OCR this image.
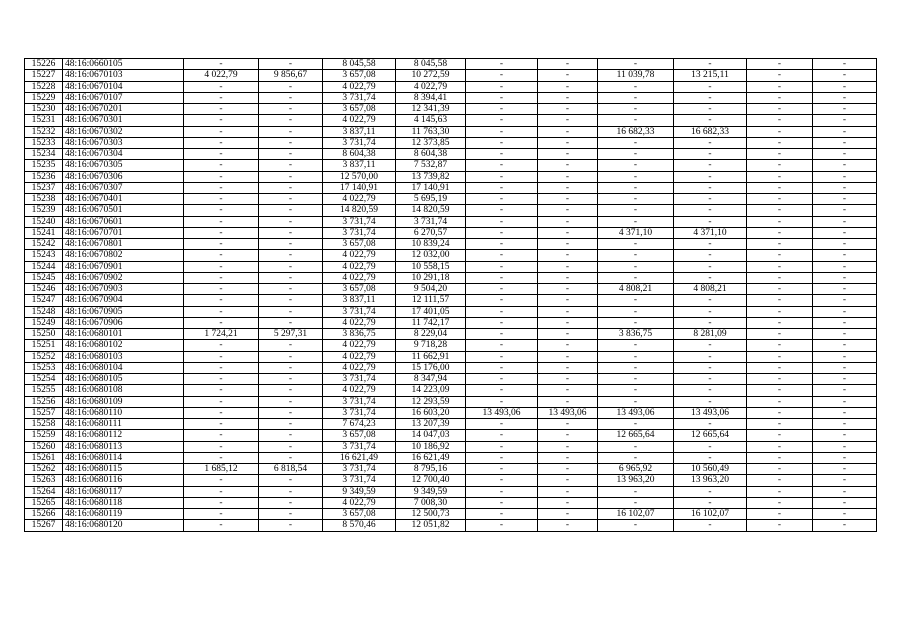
15226	48:16:0660105	-	-	8 045,58	8 045,58	-	-	-	-	-	-
15227	48:16:0670103	4 022,79	9 856,67	3 657,08	10 272,59	-	-	11 039,78	13 215,11	-	-
15228	48:16:0670104	-	-	4 022,79	4 022,79	-	-	-	-	-	-
15229	48:16:0670107	-	-	3 731,74	8 394,41	-	-	-	-	-	-
15230	48:16:0670201	-	-	3 657,08	12 341,39	-	-	-	-	-	-
15231	48:16:0670301	-	-	4 022,79	4 145,63	-	-	-	-	-	-
15232	48:16:0670302	-	-	3 837,11	11 763,30	-	-	16 682,33	16 682,33	-	-
15233	48:16:0670303	-	-	3 731,74	12 373,85	-	-	-	-	-	-
15234	48:16:0670304	-	-	8 604,38	8 604,38	-	-	-	-	-	-
15235	48:16:0670305	-	-	3 837,11	7 532,87	-	-	-	-	-	-
15236	48:16:0670306	-	-	12 570,00	13 739,82	-	-	-	-	-	-
15237	48:16:0670307	-	-	17 140,91	17 140,91	-	-	-	-	-	-
15238	48:16:0670401	-	-	4 022,79	5 695,19	-	-	-	-	-	-
15239	48:16:0670501	-	-	14 820,59	14 820,59	-	-	-	-	-	-
15240	48:16:0670601	-	-	3 731,74	3 731,74	-	-	-	-	-	-
15241	48:16:0670701	-	-	3 731,74	6 270,57	-	-	4 371,10	4 371,10	-	-
15242	48:16:0670801	-	-	3 657,08	10 839,24	-	-	-	-	-	-
15243	48:16:0670802	-	-	4 022,79	12 032,00	-	-	-	-	-	-
15244	48:16:0670901	-	-	4 022,79	10 558,15	-	-	-	-	-	-
15245	48:16:0670902	-	-	4 022,79	10 291,18	-	-	-	-	-	-
15246	48:16:0670903	-	-	3 657,08	9 504,20	-	-	4 808,21	4 808,21	-	-
15247	48:16:0670904	-	-	3 837,11	12 111,57	-	-	-	-	-	-
15248	48:16:0670905	-	-	3 731,74	17 401,05	-	-	-	-	-	-
15249	48:16:0670906	-	-	4 022,79	11 742,17	-	-	-	-	-	-
15250	48:16:0680101	1 724,21	5 297,31	3 836,75	8 229,04	-	-	3 836,75	8 281,09	-	-
15251	48:16:0680102	-	-	4 022,79	9 718,28	-	-	-	-	-	-
15252	48:16:0680103	-	-	4 022,79	11 662,91	-	-	-	-	-	-
15253	48:16:0680104	-	-	4 022,79	15 176,00	-	-	-	-	-	-
15254	48:16:0680105	-	-	3 731,74	8 347,94	-	-	-	-	-	-
15255	48:16:0680108	-	-	4 022,79	14 223,09	-	-	-	-	-	-
15256	48:16:0680109	-	-	3 731,74	12 293,59	-	-	-	-	-	-
15257	48:16:0680110	-	-	3 731,74	16 603,20	13 493,06	13 493,06	13 493,06	13 493,06	-	-
15258	48:16:0680111	-	-	7 674,23	13 207,39	-	-	-	-	-	-
15259	48:16:0680112	-	-	3 657,08	14 047,03	-	-	12 665,64	12 665,64	-	-
15260	48:16:0680113	-	-	3 731,74	10 186,92	-	-	-	-	-	-
15261	48:16:0680114	-	-	16 621,49	16 621,49	-	-	-	-	-	-
15262	48:16:0680115	1 685,12	6 818,54	3 731,74	8 795,16	-	-	6 965,92	10 560,49	-	-
15263	48:16:0680116	-	-	3 731,74	12 700,40	-	-	13 963,20	13 963,20	-	-
15264	48:16:0680117	-	-	9 349,59	9 349,59	-	-	-	-	-	-
15265	48:16:0680118	-	-	4 022,79	7 008,30	-	-	-	-	-	-
15266	48:16:0680119	-	-	3 657,08	12 500,73	-	-	16 102,07	16 102,07	-	-
15267	48:16:0680120	-	-	8 570,46	12 051,82	-	-	-	-	-	-
